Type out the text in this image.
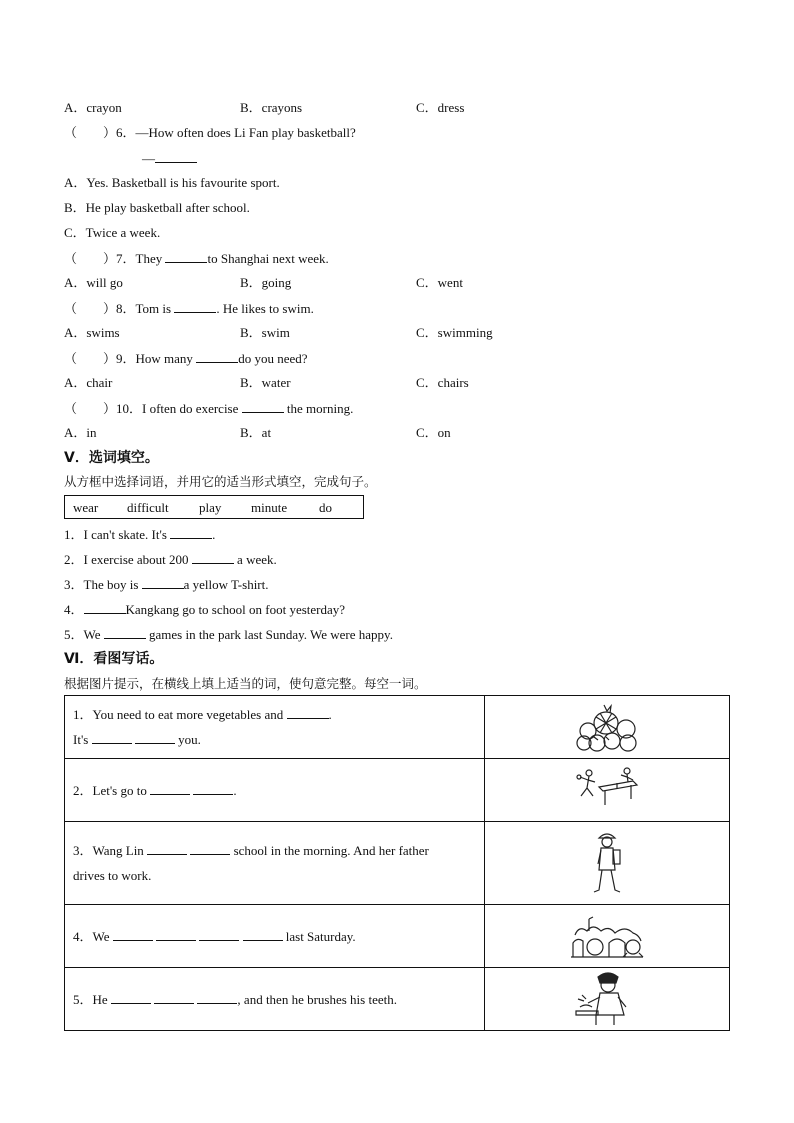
A．crayon	B．crayons	C．dress
（　　）6．—How often does Li Fan play basketball?
—
A．Yes. Basketball is his favourite sport.
B．He play basketball after school.
C．Twice a week.
（　　）7．They	to Shanghai next week.
A．will go	B．going	C．went
（　　）8．Tom is	. He likes to swim.
A．swims	B．swim	C．swimming
（　　）9．How many	do you need?
A．chair	B．water	C．chairs
（　　）10．I often do exercise	the morning.
A．in	B．at	C．on
Ⅴ．选词填空。
从方框中选择词语，并用它的适当形式填空，完成句子。
wear difficult play minute do
1．I can't skate. It's	.
2．I exercise about 200	a week.
3．The boy is	a yellow T-shirt.
4．	Kangkang go to school on foot yesterday?
5．We	games in the park last Sunday. We were happy.
Ⅵ．看图写话。
根据图片提示，在横线上填上适当的词，使句意完整。每空一词。
1．You need to eat more vegetables and .
It's you.

2．Let's go to .	

3．Wang Lin school in the morning. And her father
drives to work.

4．We last Saturday.	

5．He , and then he brushes his teeth.	
